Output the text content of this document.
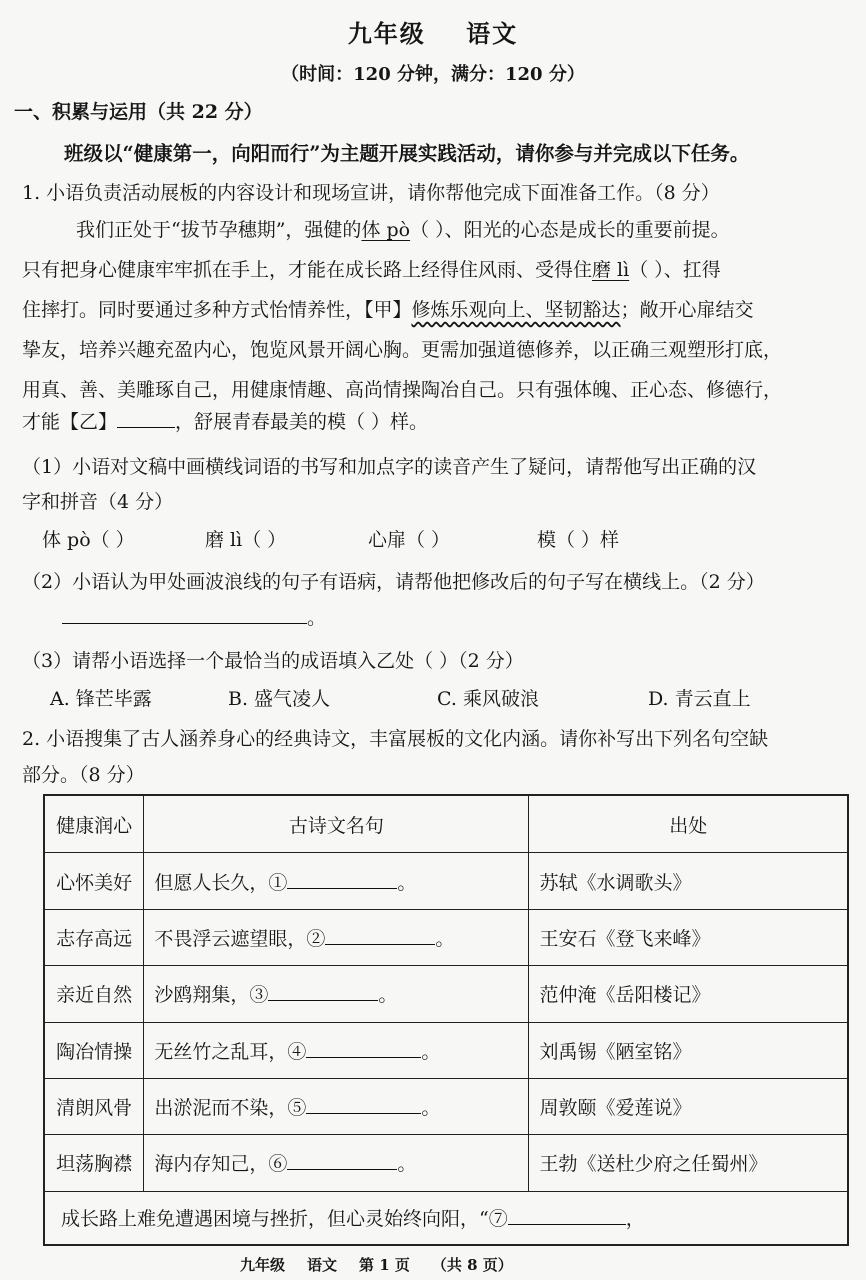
九年级 语文
（时间：120 分钟，满分：120 分）
一、积累与运用（共 22 分）
班级以“健康第一，向阳而行”为主题开展实践活动，请你参与并完成以下任务。
1. 小语负责活动展板的内容设计和现场宣讲，请你帮他完成下面准备工作。（8 分）
我们正处于“拔节孕穗期”，强健的体 pò（ ）、阳光的心态是成长的重要前提。
只有把身心健康牢牢抓在手上，才能在成长路上经得住风雨、受得住磨 lì（ ）、扛得
住摔打。同时要通过多种方式怡情养性，【甲】修炼乐观向上、坚韧豁达；敞开心扉结交
挚友，培养兴趣充盈内心，饱览风景开阔心胸。更需加强道德修养，以正确三观塑形打底，
用真、善、美雕琢自己，用健康情趣、高尚情操陶冶自己。只有强体魄、正心态、修德行，
才能【乙】	，舒展青春最美的模（ ）样。
（1）小语对文稿中画横线词语的书写和加点字的读音产生了疑问，请帮他写出正确的汉
字和拼音（4 分）
体 pò（ ）	磨 lì（ ）	心扉（ ）	模（ ）样
（2）小语认为甲处画波浪线的句子有语病，请帮他把修改后的句子写在横线上。（2 分）
。
（3）请帮小语选择一个最恰当的成语填入乙处（ ）（2 分）
A. 锋芒毕露	B. 盛气凌人	C. 乘风破浪	D. 青云直上
2. 小语搜集了古人涵养身心的经典诗文，丰富展板的文化内涵。请你补写出下列名句空缺
部分。（8 分）
健康润心	古诗文名句	出处
心怀美好	但愿人长久，① 。	苏轼《水调歌头》
志存高远	不畏浮云遮望眼，② 。	王安石《登飞来峰》
亲近自然	沙鸥翔集，③ 。	范仲淹《岳阳楼记》
陶冶情操	无丝竹之乱耳，④ 。	刘禹锡《陋室铭》
清朗风骨	出淤泥而不染，⑤ 。	周敦颐《爱莲说》
坦荡胸襟	海内存知己，⑥ 。	王勃《送杜少府之任蜀州》
成长路上难免遭遇困境与挫折，但心灵始终向阳，“⑦ ，		
九年级 语文 第 1 页 （共 8 页）
